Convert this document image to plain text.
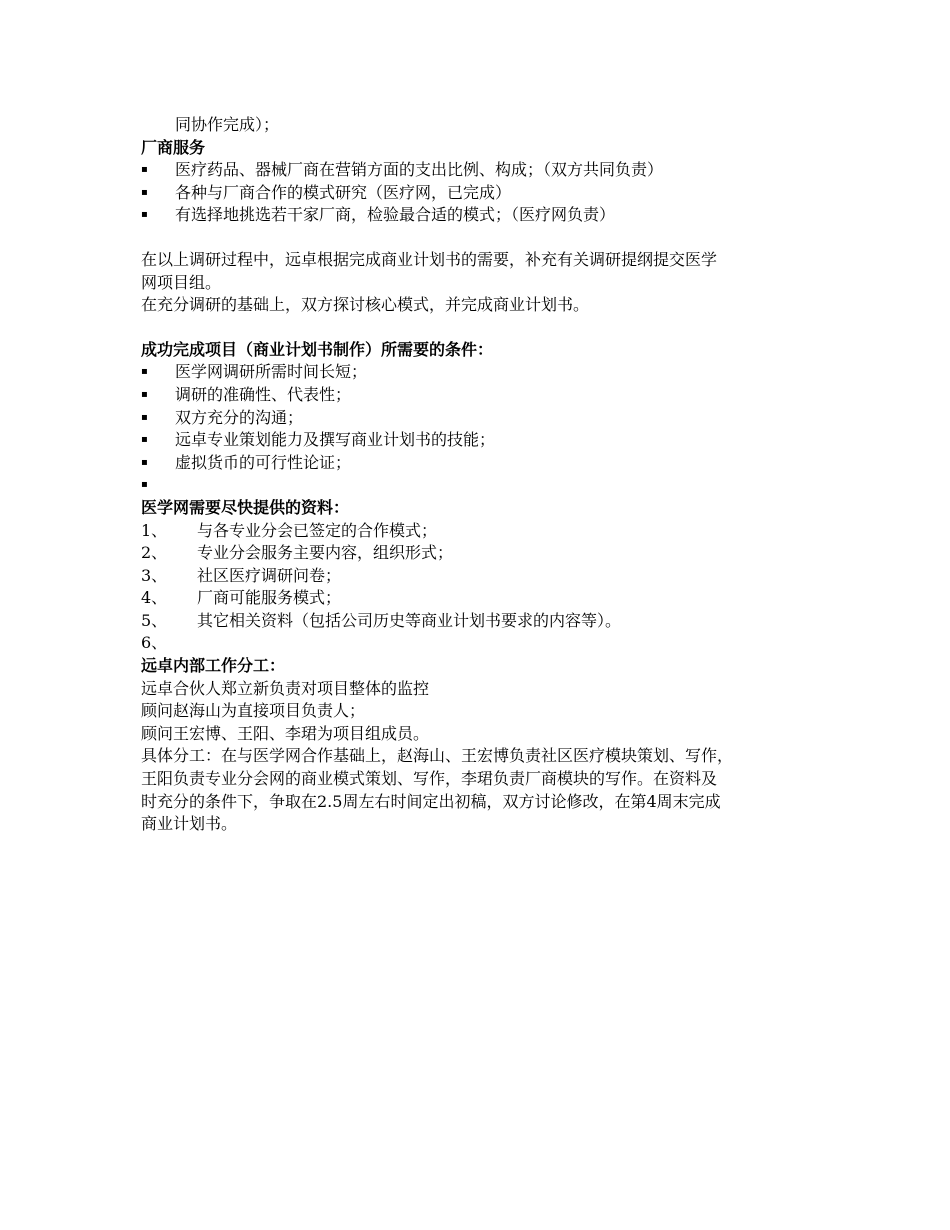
同协作完成）；
厂商服务
▪	医疗药品、器械厂商在营销方面的支出比例、构成；（双方共同负责）
▪	各种与厂商合作的模式研究（医疗网，已完成）
▪	有选择地挑选若干家厂商，检验最合适的模式；（医疗网负责）
在以上调研过程中，远卓根据完成商业计划书的需要，补充有关调研提纲提交医学
网项目组。
在充分调研的基础上，双方探讨核心模式，并完成商业计划书。
成功完成项目（商业计划书制作）所需要的条件：
▪	医学网调研所需时间长短；
▪	调研的准确性、代表性；
▪	双方充分的沟通；
▪	远卓专业策划能力及撰写商业计划书的技能；
▪	虚拟货币的可行性论证；
▪
医学网需要尽快提供的资料：
1、	与各专业分会已签定的合作模式；
2、	专业分会服务主要内容，组织形式；
3、	社区医疗调研问卷；
4、	厂商可能服务模式；
5、	其它相关资料（包括公司历史等商业计划书要求的内容等）。
6、
远卓内部工作分工：
远卓合伙人郑立新负责对项目整体的监控
顾问赵海山为直接项目负责人；
顾问王宏博、王阳、李珺为项目组成员。
具体分工：在与医学网合作基础上，赵海山、王宏博负责社区医疗模块策划、写作，
王阳负责专业分会网的商业模式策划、写作，李珺负责厂商模块的写作。在资料及
时充分的条件下，争取在2.5周左右时间定出初稿，双方讨论修改，在第4周末完成
商业计划书。
